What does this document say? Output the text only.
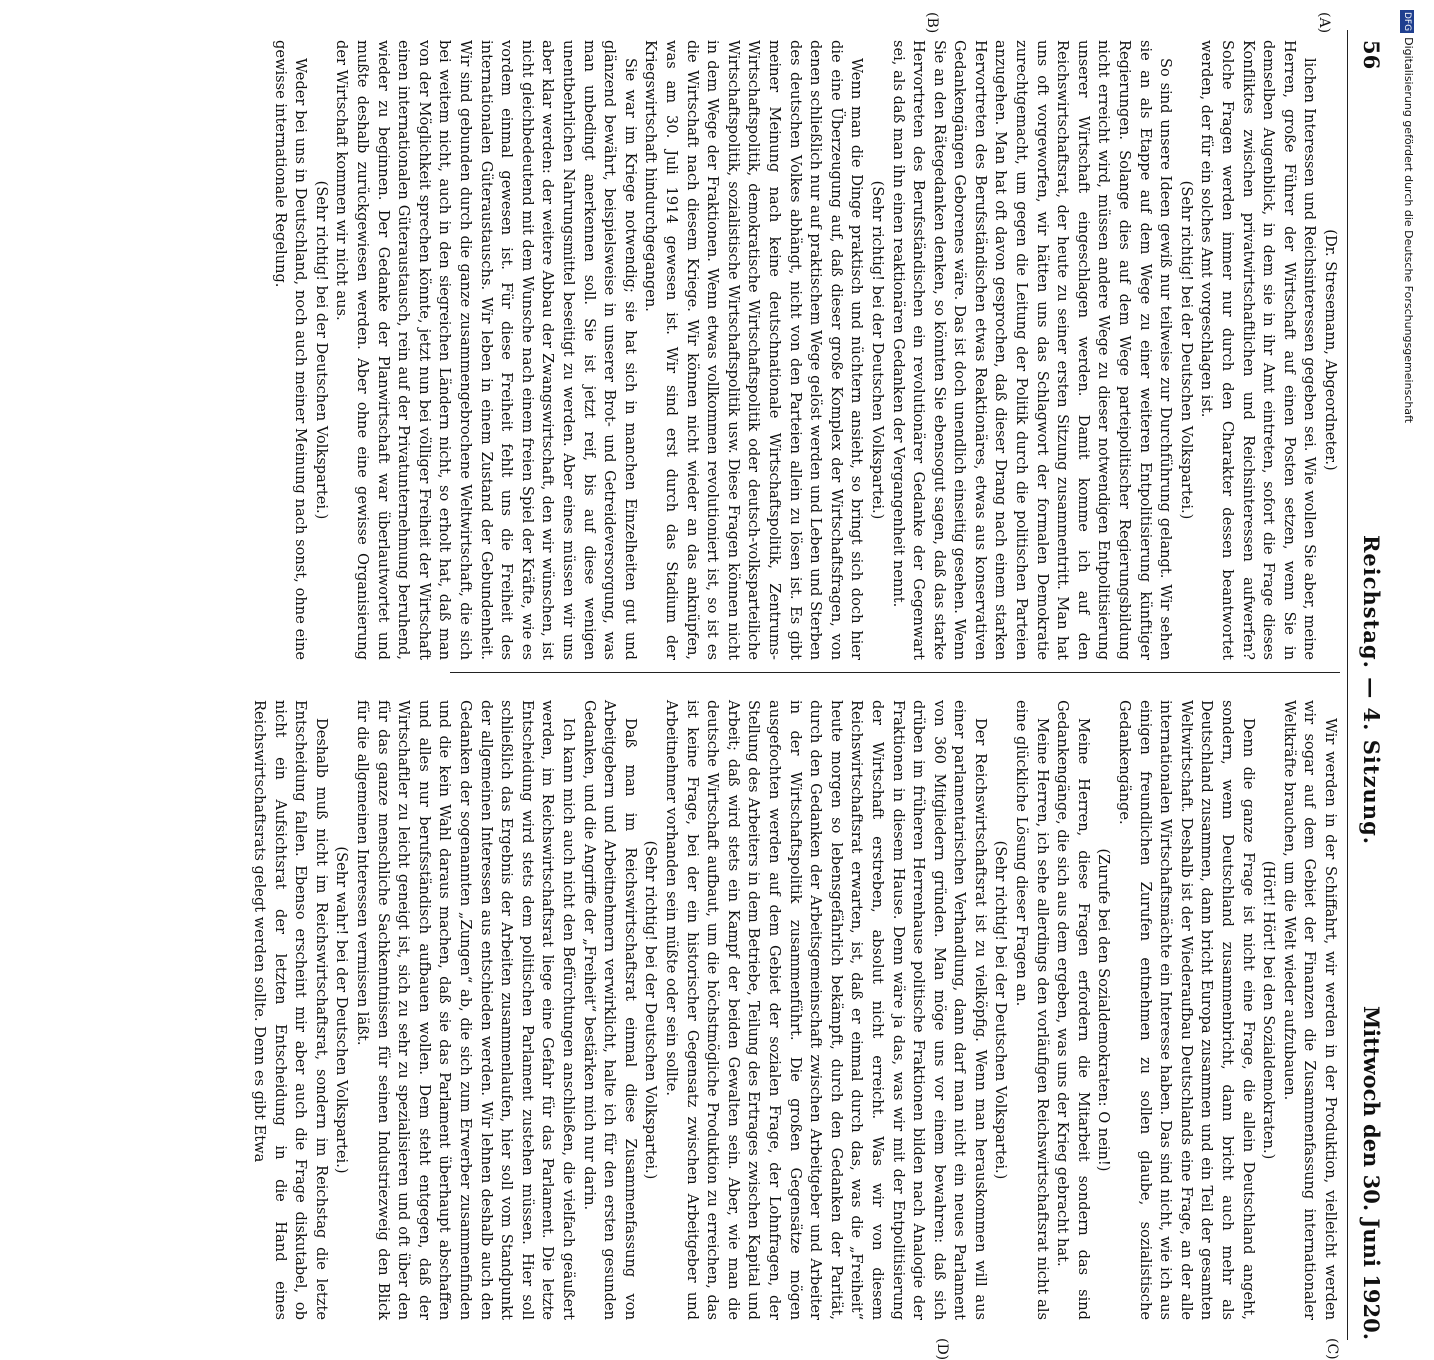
56
Reichstag. — 4. Sitzung.
Mittwoch den 30. Juni 1920.
(A)
(B)
(C)
(D)

(Dr. Stresemann, Abgeordneter.)

lichen Interessen und Reichsinteressen gegeben sei. Wie wollen Sie aber, meine Herren, große Führer der Wirtschaft auf einen Posten setzen, wenn Sie in demselben Augenblick, in dem sie in ihr Amt eintreten, sofort die Frage dieses Konfliktes zwischen privatwirtschaftlichen und Reichsinteressen aufwerfen? Solche Fragen werden immer nur durch den Charakter dessen beantwortet werden, der für ein solches Amt vorgeschlagen ist.

(Sehr richtig! bei der Deutschen Volkspartei.)

So sind unsere Ideen gewiß nur teilweise zur Durchführung gelangt. Wir sehen sie an als Etappe auf dem Wege zu einer weiteren Entpolitisierung künftiger Regierungen. Solange dies auf dem Wege parteipolitischer Regierungsbildung nicht erreicht wird, müssen andere Wege zu dieser notwendigen Entpolitisierung unserer Wirtschaft eingeschlagen werden. Damit komme ich auf den Reichswirtschaftsrat, der heute zu seiner ersten Sitzung zusammentritt. Man hat uns oft vorgeworfen, wir hätten uns das Schlagwort der formalen Demokratie zurechtgemacht, um gegen die Leitung der Politik durch die politischen Parteien anzugehen. Man hat oft davon gesprochen, daß dieser Drang nach einem starken Hervortreten des Berufsständischen etwas Reaktionäres, etwas aus konservativen Gedankengängen Geborenes wäre. Das ist doch unendlich einseitig gesehen. Wenn Sie an den Rätegedanken denken, so könnten Sie ebensogut sagen, daß das starke Hervortreten des Berufsständischen ein revolutionärer Gedanke der Gegenwart sei, als daß man ihn einen reaktionären Gedanken der Vergangenheit nennt.

(Sehr richtig! bei der Deutschen Volkspartei.)

Wenn man die Dinge praktisch und nüchtern ansieht, so bringt sich doch hier die eine Überzeugung auf, daß dieser große Komplex der Wirtschaftsfragen, von denen schließlich nur auf praktischem Wege gelöst werden und Leben und Sterben des deutschen Volkes abhängt, nicht von den Parteien allein zu lösen ist. Es gibt meiner Meinung nach keine deutschnationale Wirtschaftspolitik, Zentrums-Wirtschaftspolitik, demokratische Wirtschaftspolitik oder deutsch-volksparteiliche Wirtschaftspolitik, sozialistische Wirtschaftspolitik usw. Diese Fragen können nicht in dem Wege der Fraktionen. Wenn etwas vollkommen revolutioniert ist, so ist es die Wirtschaft nach diesem Kriege. Wir können nicht wieder an das anknüpfen, was am 30. Juli 1914 gewesen ist. Wir sind erst durch das Stadium der Kriegswirtschaft hindurchgegangen.

Sie war im Kriege notwendig; sie hat sich in manchen Einzelheiten gut und glänzend bewährt, beispielsweise in unserer Brot- und Getreideversorgung, was man unbedingt anerkennen soll. Sie ist jetzt reif, bis auf diese wenigen unentbehrlichen Nahrungsmittel beseitigt zu werden. Aber eines müssen wir uns aber klar werden: der weitere Abbau der Zwangswirtschaft, den wir wünschen, ist nicht gleichbedeutend mit dem Wunsche nach einem freien Spiel der Kräfte, wie es vordem einmal gewesen ist. Für diese Freiheit fehlt uns die Freiheit des internationalen Güteraustauschs. Wir leben in einem Zustand der Gebundenheit. Wir sind gebunden durch die ganze zusammengebrochene Weltwirtschaft, die sich bei weitem nicht, auch in den siegreichen Ländern nicht, so erholt hat, daß man von der Möglichkeit sprechen könnte, jetzt nun bei völliger Freiheit der Wirtschaft einen internationalen Güteraustausch, rein auf der Privatunternehmung beruhend, wieder zu beginnen. Der Gedanke der Planwirtschaft war überlautwortet und mußte deshalb zurückgewiesen werden. Aber ohne eine gewisse Organisierung der Wirtschaft kommen wir nicht aus.

(Sehr richtig! bei der Deutschen Volkspartei.)

Weder bei uns in Deutschland, noch auch meiner Meinung nach sonst, ohne eine gewisse internationale Regelung.

Wir werden in der Schiffahrt, wir werden in der Produktion, vielleicht werden wir sogar auf dem Gebiet der Finanzen die Zusammenfassung internationaler Weltkräfte brauchen, um die Welt wieder aufzubauen.

(Hört! Hört! bei den Sozialdemokraten.)

Denn die ganze Frage ist nicht eine Frage, die allein Deutschland angeht, sondern, wenn Deutschland zusammenbricht, dann bricht auch mehr als Deutschland zusammen, dann bricht Europa zusammen und ein Teil der gesamten Weltwirtschaft. Deshalb ist der Wiederaufbau Deutschlands eine Frage, an der alle internationalen Wirtschaftsmächte ein Interesse haben. Das sind nicht, wie ich aus einigen freundlichen Zurufen entnehmen zu sollen glaube, sozialistische Gedankengänge.

(Zurufe bei den Sozialdemokraten: O nein!)

Meine Herren, diese Fragen erfordern die Mitarbeit sondern das sind Gedankengänge, die sich aus dem ergeben, was uns der Krieg gebracht hat.

Meine Herren, ich sehe allerdings den vorläufigen Reichswirtschaftsrat nicht als eine glückliche Lösung dieser Fragen an.

(Sehr richtig! bei der Deutschen Volkspartei.)

Der Reichswirtschaftsrat ist zu vielköpfig. Wenn man herauskommen will aus einer parlamentarischen Verhandlung, dann darf man nicht ein neues Parlament von 360 Mitgliedern gründen. Man möge uns vor einem bewahren: daß sich drüben im früheren Herrenhause politische Fraktionen bilden nach Analogie der Fraktionen in diesem Hause. Denn wäre ja das, was wir mit der Entpolitisierung der Wirtschaft erstreben, absolut nicht erreicht. Was wir von diesem Reichswirtschaftsrat erwarten, ist, daß er einmal durch das, was die „Freiheit“ heute morgen so lebensgefährlich bekämpft, durch den Gedanken der Parität, durch den Gedanken der Arbeitsgemeinschaft zwischen Arbeitgeber und Arbeiter in der Wirtschaftspolitik zusammenführt. Die großen Gegensätze mögen ausgefochten werden auf dem Gebiet der sozialen Frage, der Lohnfragen, der Stellung des Arbeiters in dem Betriebe, Teilung des Ertrages zwischen Kapital und Arbeit; daß wird stets ein Kampf der beiden Gewalten sein. Aber, wie man die deutsche Wirtschaft aufbaut, um die höchstmögliche Produktion zu erreichen, das ist keine Frage, bei der ein historischer Gegensatz zwischen Arbeitgeber und Arbeitnehmer vorhanden sein müßte oder sein sollte.

(Sehr richtig! bei der Deutschen Volkspartei.)

Daß man im Reichswirtschaftsrat einmal diese Zusammenfassung von Arbeitgebern und Arbeitnehmern verwirklicht, halte ich für den ersten gesunden Gedanken, und die Angriffe der „Freiheit“ bestärken mich nur darin.

Ich kann mich auch nicht den Befürchtungen anschließen, die vielfach geäußert werden, im Reichswirtschaftsrat liege eine Gefahr für das Parlament. Die letzte Entscheidung wird stets dem politischen Parlament zustehen müssen. Hier soll schließlich das Ergebnis der Arbeiten zusammenlaufen, hier soll vom Standpunkt der allgemeinen Interessen aus entschieden werden. Wir lehnen deshalb auch den Gedanken der sogenannten „Zungen“ ab, die sich zum Erwerber zusammenfinden und die kein Wahl daraus machen, daß sie das Parlament überhaupt abschaffen und alles nur berufsständisch aufbauen wollen. Dem steht entgegen, daß der Wirtschaftler zu leicht geneigt ist, sich zu sehr zu spezialisieren und oft über den für das ganze menschliche Sachkenntnissen für seinen Industriezweig den Blick für die allgemeinen Interessen vermissen läßt.

(Sehr wahr! bei der Deutschen Volkspartei.)

Deshalb muß nicht im Reichswirtschaftsrat, sondern im Reichstag die letzte Entscheidung fallen. Ebenso erscheint mir aber auch die Frage diskutabel, ob nicht ein Aufsichtsrat der letzten Entscheidung in die Hand eines Reichswirtschaftsrats gelegt werden sollte. Denn es gibt Etwa

DFGDigitalisierung gefördert durch die Deutsche Forschungsgemeinschaft
